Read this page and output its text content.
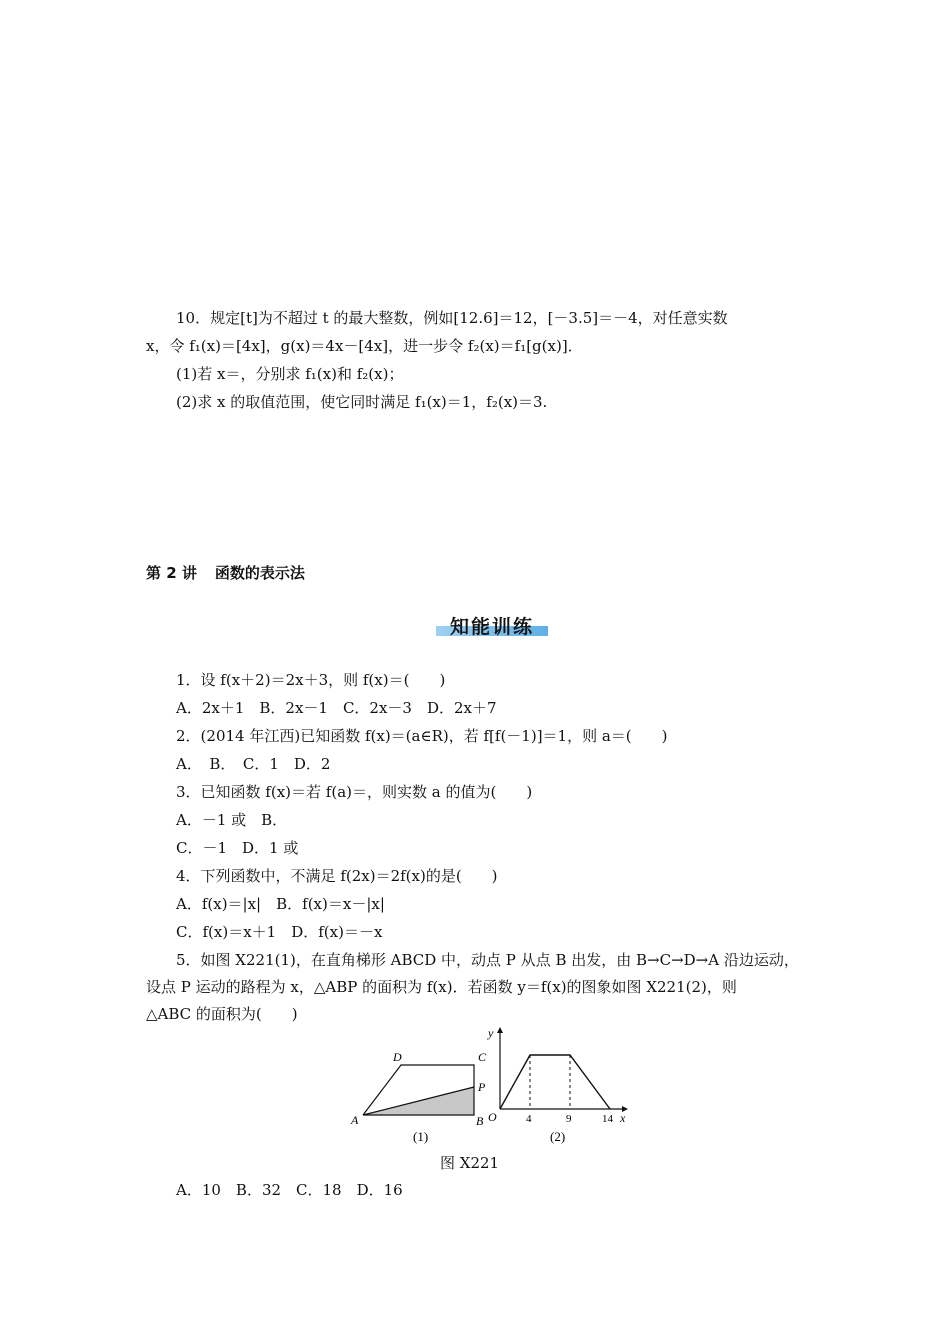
10．规定[t]为不超过 t 的最大整数，例如[12.6]＝12，[－3.5]＝－4，对任意实数
x，令 f₁(x)＝[4x]，g(x)＝4x－[4x]，进一步令 f₂(x)＝f₁[g(x)]．
(1)若 x＝，分别求 f₁(x)和 f₂(x)；
(2)求 x 的取值范围，使它同时满足 f₁(x)＝1，f₂(x)＝3.
第 2 讲 函数的表示法
知能训练
1．设 f(x＋2)＝2x＋3，则 f(x)＝(　　)
A．2x＋1　B．2x－1　C．2x－3　D．2x＋7
2．(2014 年江西)已知函数 f(x)＝(a∈R)，若 f[f(－1)]＝1，则 a＝(　　)
A．　B．　C．1　D．2
3．已知函数 f(x)＝若 f(a)＝，则实数 a 的值为(　　)
A．－1 或　B．
C．－1　D．1 或
4．下列函数中，不满足 f(2x)＝2f(x)的是(　　)
A．f(x)＝|x|　B．f(x)＝x－|x|
C．f(x)＝x＋1　D．f(x)＝－x
5．如图 X221(1)，在直角梯形 ABCD 中，动点 P 从点 B 出发，由 B→C→D→A 沿边运动，
设点 P 运动的路程为 x，△ABP 的面积为 f(x)．若函数 y＝f(x)的图象如图 X221(2)，则
△ABC 的面积为(　　)
D	C
P
A	B
(1)
y
O	4	9	14 x
(2)
图 X221
A．10　B．32　C．18　D．16
